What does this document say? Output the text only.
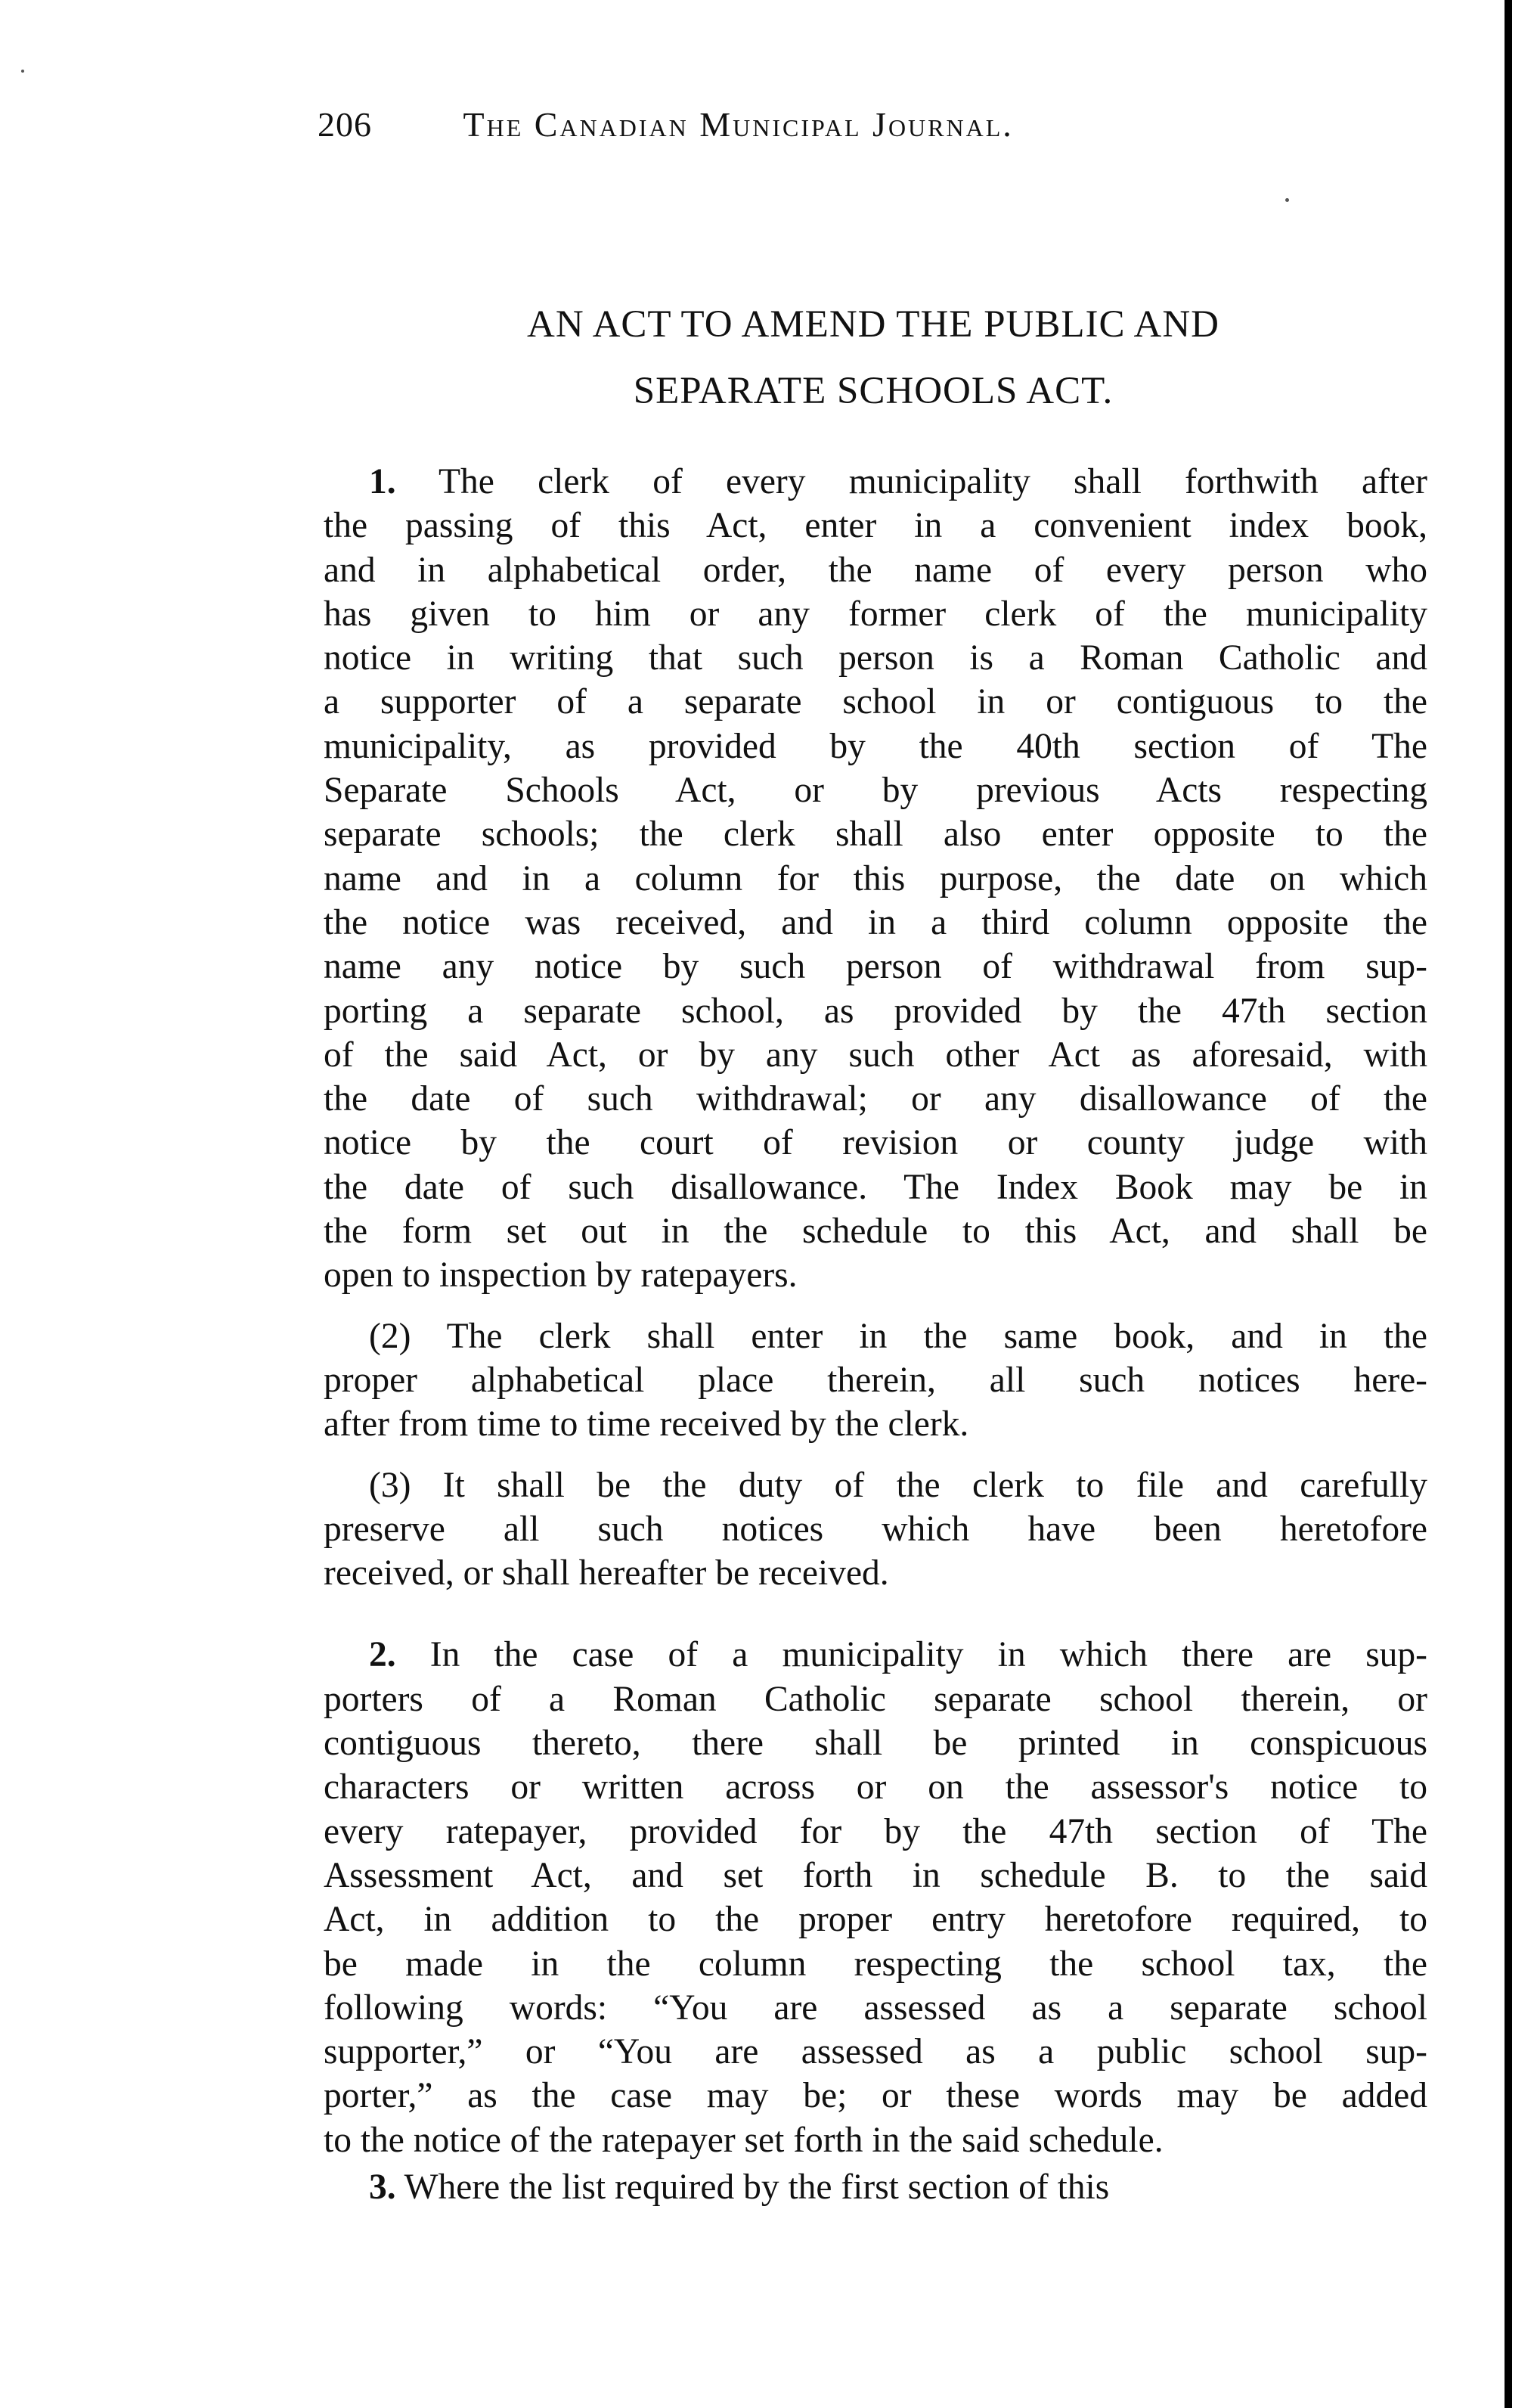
206	The Canadian Municipal Journal.
AN ACT TO AMEND THE PUBLIC AND
SEPARATE SCHOOLS ACT.
1. The clerk of every municipality shall forthwith after
the passing of this Act, enter in a convenient index book,
and in alphabetical order, the name of every person who
has given to him or any former clerk of the municipality
notice in writing that such person is a Roman Catholic and
a supporter of a separate school in or contiguous to the
municipality, as provided by the 40th section of The
Separate Schools Act, or by previous Acts respecting
separate schools; the clerk shall also enter opposite to the
name and in a column for this purpose, the date on which
the notice was received, and in a third column opposite the
name any notice by such person of withdrawal from sup-
porting a separate school, as provided by the 47th section
of the said Act, or by any such other Act as aforesaid, with
the date of such withdrawal; or any disallowance of the
notice by the court of revision or county judge with
the date of such disallowance. The Index Book may be in
the form set out in the schedule to this Act, and shall be
open to inspection by ratepayers.
(2) The clerk shall enter in the same book, and in the
proper alphabetical place therein, all such notices here-
after from time to time received by the clerk.
(3) It shall be the duty of the clerk to file and carefully
preserve all such notices which have been heretofore
received, or shall hereafter be received.
2. In the case of a municipality in which there are sup-
porters of a Roman Catholic separate school therein, or
contiguous thereto, there shall be printed in conspicuous
characters or written across or on the assessor's notice to
every ratepayer, provided for by the 47th section of The
Assessment Act, and set forth in schedule B. to the said
Act, in addition to the proper entry heretofore required, to
be made in the column respecting the school tax, the
following words: “You are assessed as a separate school
supporter,” or “You are assessed as a public school sup-
porter,” as the case may be; or these words may be added
to the notice of the ratepayer set forth in the said schedule.
3. Where the list required by the first section of this
